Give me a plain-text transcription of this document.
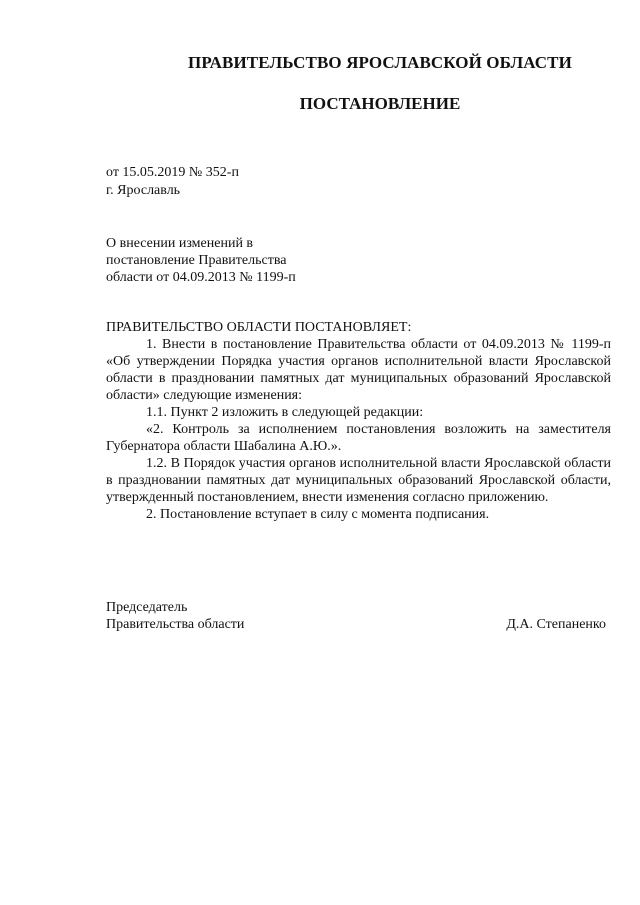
ПРАВИТЕЛЬСТВО ЯРОСЛАВСКОЙ ОБЛАСТИ
ПОСТАНОВЛЕНИЕ
от 15.05.2019 № 352-п
г. Ярославль
О внесении изменений в
постановление Правительства
области от 04.09.2013 № 1199-п

ПРАВИТЕЛЬСТВО ОБЛАСТИ ПОСТАНОВЛЯЕТ:

1. Внести в постановление Правительства области от 04.09.2013 № 1199-п «Об утверждении Порядка участия органов исполнительной власти Ярославской области в праздновании памятных дат муниципальных образований Ярославской области» следующие изменения:

1.1. Пункт 2 изложить в следующей редакции:

«2. Контроль за исполнением постановления возложить на заместителя Губернатора области Шабалина А.Ю.».

1.2. В Порядок участия органов исполнительной власти Ярославской области в праздновании памятных дат муниципальных образований Ярославской области, утвержденный постановлением, внести изменения согласно приложению.

2. Постановление вступает в силу с момента подписания.

Председатель
Правительства области	Д.А. Степаненко
